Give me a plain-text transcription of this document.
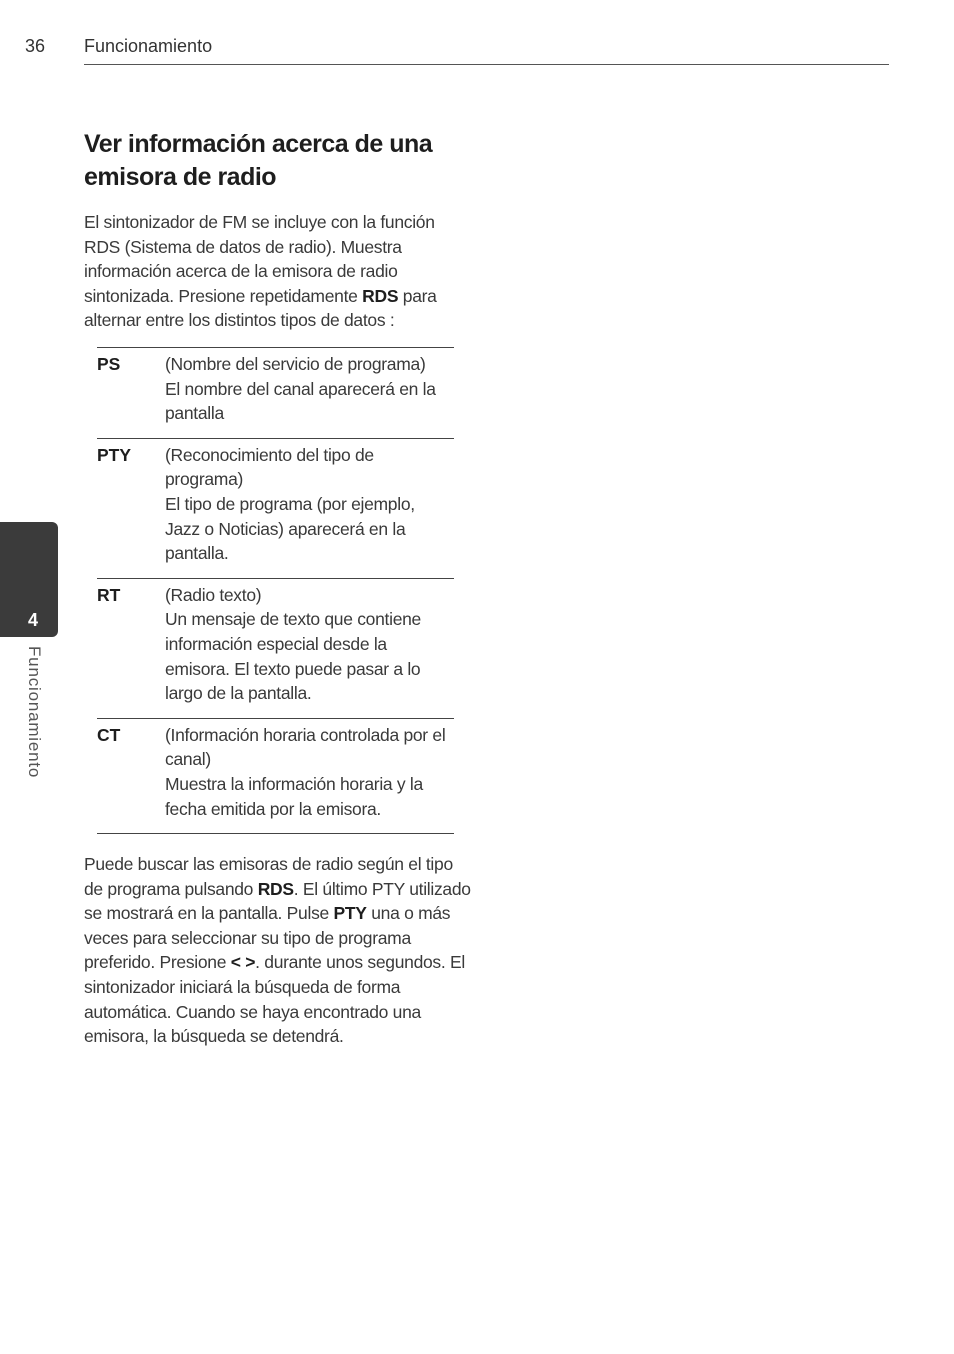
36 Funcionamiento
Ver información acerca de una emisora de radio

El sintonizador de FM se incluye con la función RDS (Sistema de datos de radio). Muestra información acerca de la emisora de radio sintonizada. Presione repetidamente RDS para alternar entre los distintos tipos de datos :

PS	(Nombre del servicio de programa)
El nombre del canal aparecerá en la pantalla
PTY	(Reconocimiento del tipo de programa)
El tipo de programa (por ejemplo, Jazz o Noticias) aparecerá en la pantalla.
RT	(Radio texto)
Un mensaje de texto que contiene información especial desde la emisora. El texto puede pasar a lo largo de la pantalla.
CT	(Información horaria controlada por el canal)
Muestra la información horaria y la fecha emitida por la emisora.

Puede buscar las emisoras de radio según el tipo de programa pulsando RDS. El último PTY utilizado se mostrará en la pantalla. Pulse PTY una o más veces para seleccionar su tipo de programa preferido. Presione < >. durante unos segundos. El sintonizador iniciará la búsqueda de forma automática. Cuando se haya encontrado una emisora, la búsqueda se detendrá.

4
Funcionamiento
